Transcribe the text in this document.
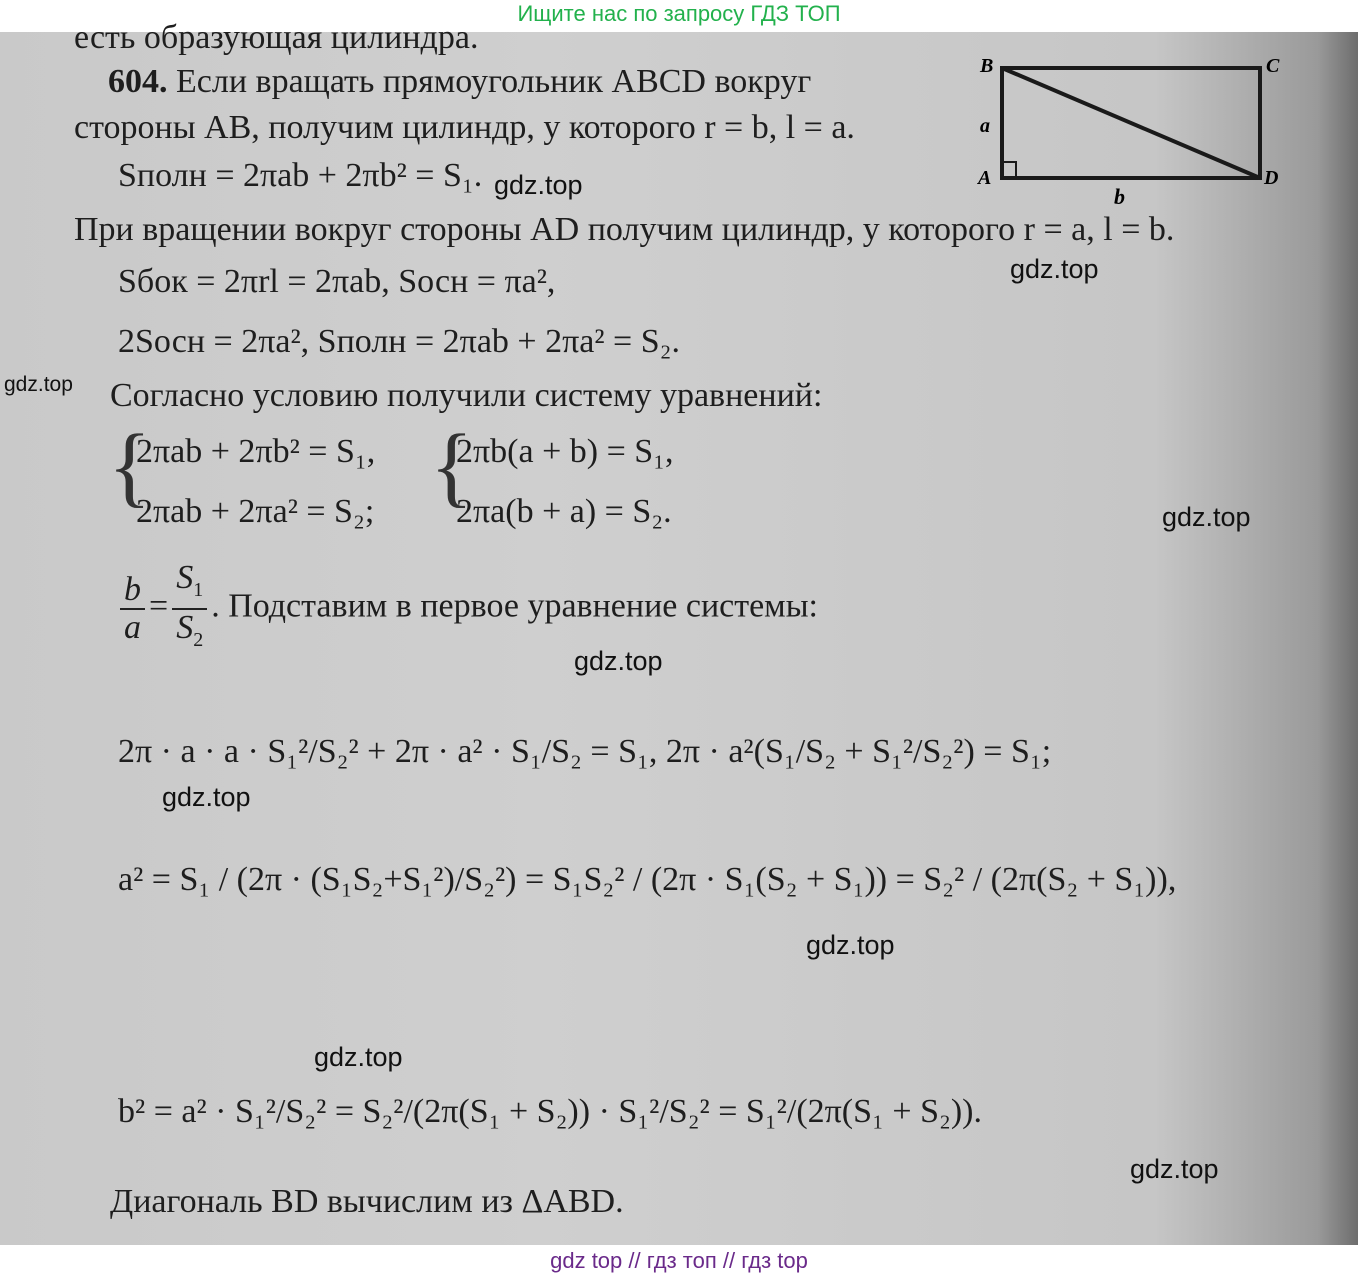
Ищите нас по запросу ГДЗ ТОП
B	C
A	D
a
b
есть образующая цилиндра.
604. Если вращать прямоугольник ABCD вокруг
стороны AB, получим цилиндр, у которого r = b, l = a.
Sполн = 2πab + 2πb² = S₁.
При вращении вокруг стороны AD получим цилиндр, у которого r = a, l = b.
Sбок = 2πrl = 2πab, Sосн = πa²,
2Sосн = 2πa², Sполн = 2πab + 2πa² = S₂.
Согласно условию получили систему уравнений:
{
2πab + 2πb² = S₁,
2πab + 2πa² = S₂; {
2πb(a + b) = S₁,
2πa(b + a) = S₂.
$\frac{b}{a} = \frac{S_1}{S_2}$ . Подставим в первое уравнение системы:
2π · a · a · S₁²/S₂² + 2π · a² · S₁/S₂ = S₁, 2π · a²(S₁/S₂ + S₁²/S₂²) = S₁;
a² = S₁ / (2π · (S₁S₂+S₁²)/S₂²) = S₁S₂² / (2π · S₁(S₂ + S₁)) = S₂² / (2π(S₂ + S₁)),
b² = a² · S₁²/S₂² = S₂²/(2π(S₁ + S₂)) · S₁²/S₂² = S₁²/(2π(S₁ + S₂)).
Диагональ BD вычислим из ΔABD.
gdz.top
gdz.top
gdz.top
gdz.top
gdz.top
gdz.top
gdz.top
gdz.top
gdz.top
gdz top // гдз топ // гдз top
